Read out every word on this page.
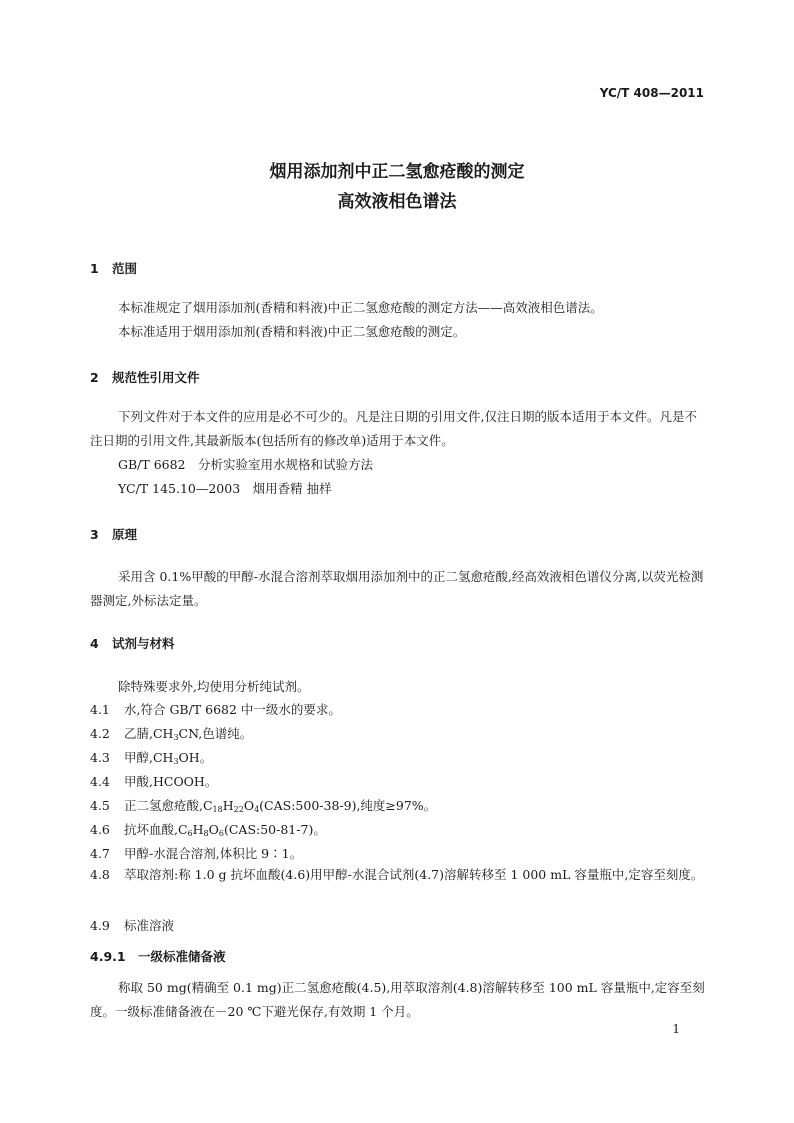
YC/T 408—2011
烟用添加剂中正二氢愈疮酸的测定
高效液相色谱法
1 范围
本标准规定了烟用添加剂(香精和料液)中正二氢愈疮酸的测定方法——高效液相色谱法。
本标准适用于烟用添加剂(香精和料液)中正二氢愈疮酸的测定。
2 规范性引用文件
下列文件对于本文件的应用是必不可少的。凡是注日期的引用文件,仅注日期的版本适用于本文件。凡是不注日期的引用文件,其最新版本(包括所有的修改单)适用于本文件。
GB/T 6682　分析实验室用水规格和试验方法
YC/T 145.10—2003　烟用香精 抽样
3 原理
采用含 0.1%甲酸的甲醇-水混合溶剂萃取烟用添加剂中的正二氢愈疮酸,经高效液相色谱仪分离,以荧光检测器测定,外标法定量。
4 试剂与材料
除特殊要求外,均使用分析纯试剂。
4.1 水,符合 GB/T 6682 中一级水的要求。
4.2 乙腈$,CH_3CN$,色谱纯。
4.3 甲醇$,CH_3OH$。
4.4 甲酸,HCOOH。
4.5 正二氢愈疮酸$,C_{18}H_{22}O_4(CAS:500-38-9)$,纯度≥97%。
4.6 抗坏血酸$,C_6H_8O_6(CAS:50-81-7)$。
4.7 甲醇-水混合溶剂,体积比 9∶1。
4.8 萃取溶剂:称 1.0 g 抗坏血酸(4.6)用甲醇-水混合试剂(4.7)溶解转移至 1 000 mL 容量瓶中,定容至刻度。
4.9 标准溶液
4.9.1 一级标准储备液
称取 50 mg(精确至 0.1 mg)正二氢愈疮酸(4.5),用萃取溶剂(4.8)溶解转移至 100 mL 容量瓶中,定容至刻度。一级标准储备液在－20 ℃下避光保存,有效期 1 个月。
1
